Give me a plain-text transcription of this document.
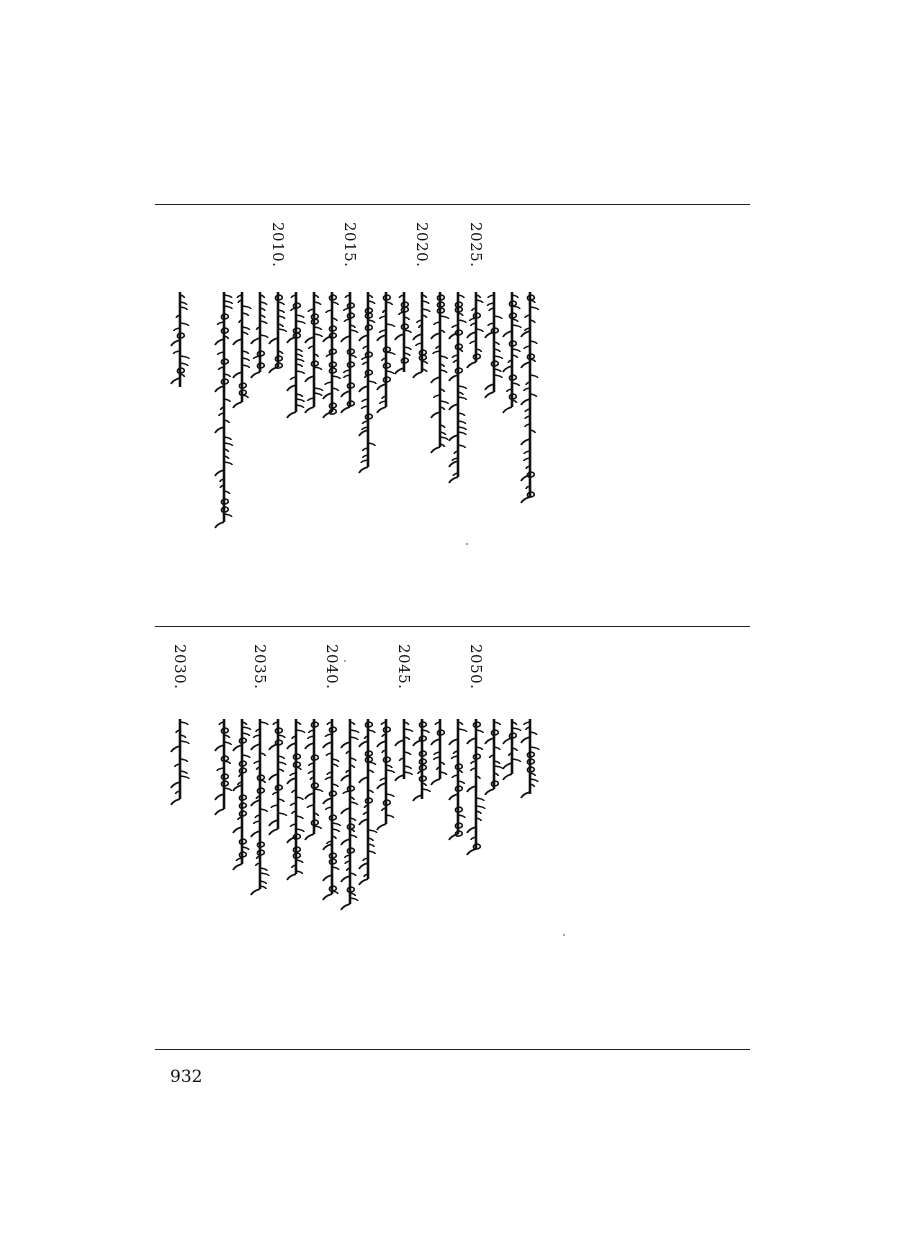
2025.
2020.
2015.
2010.
2050.
2045.
2040.
2035.
2030.
932
